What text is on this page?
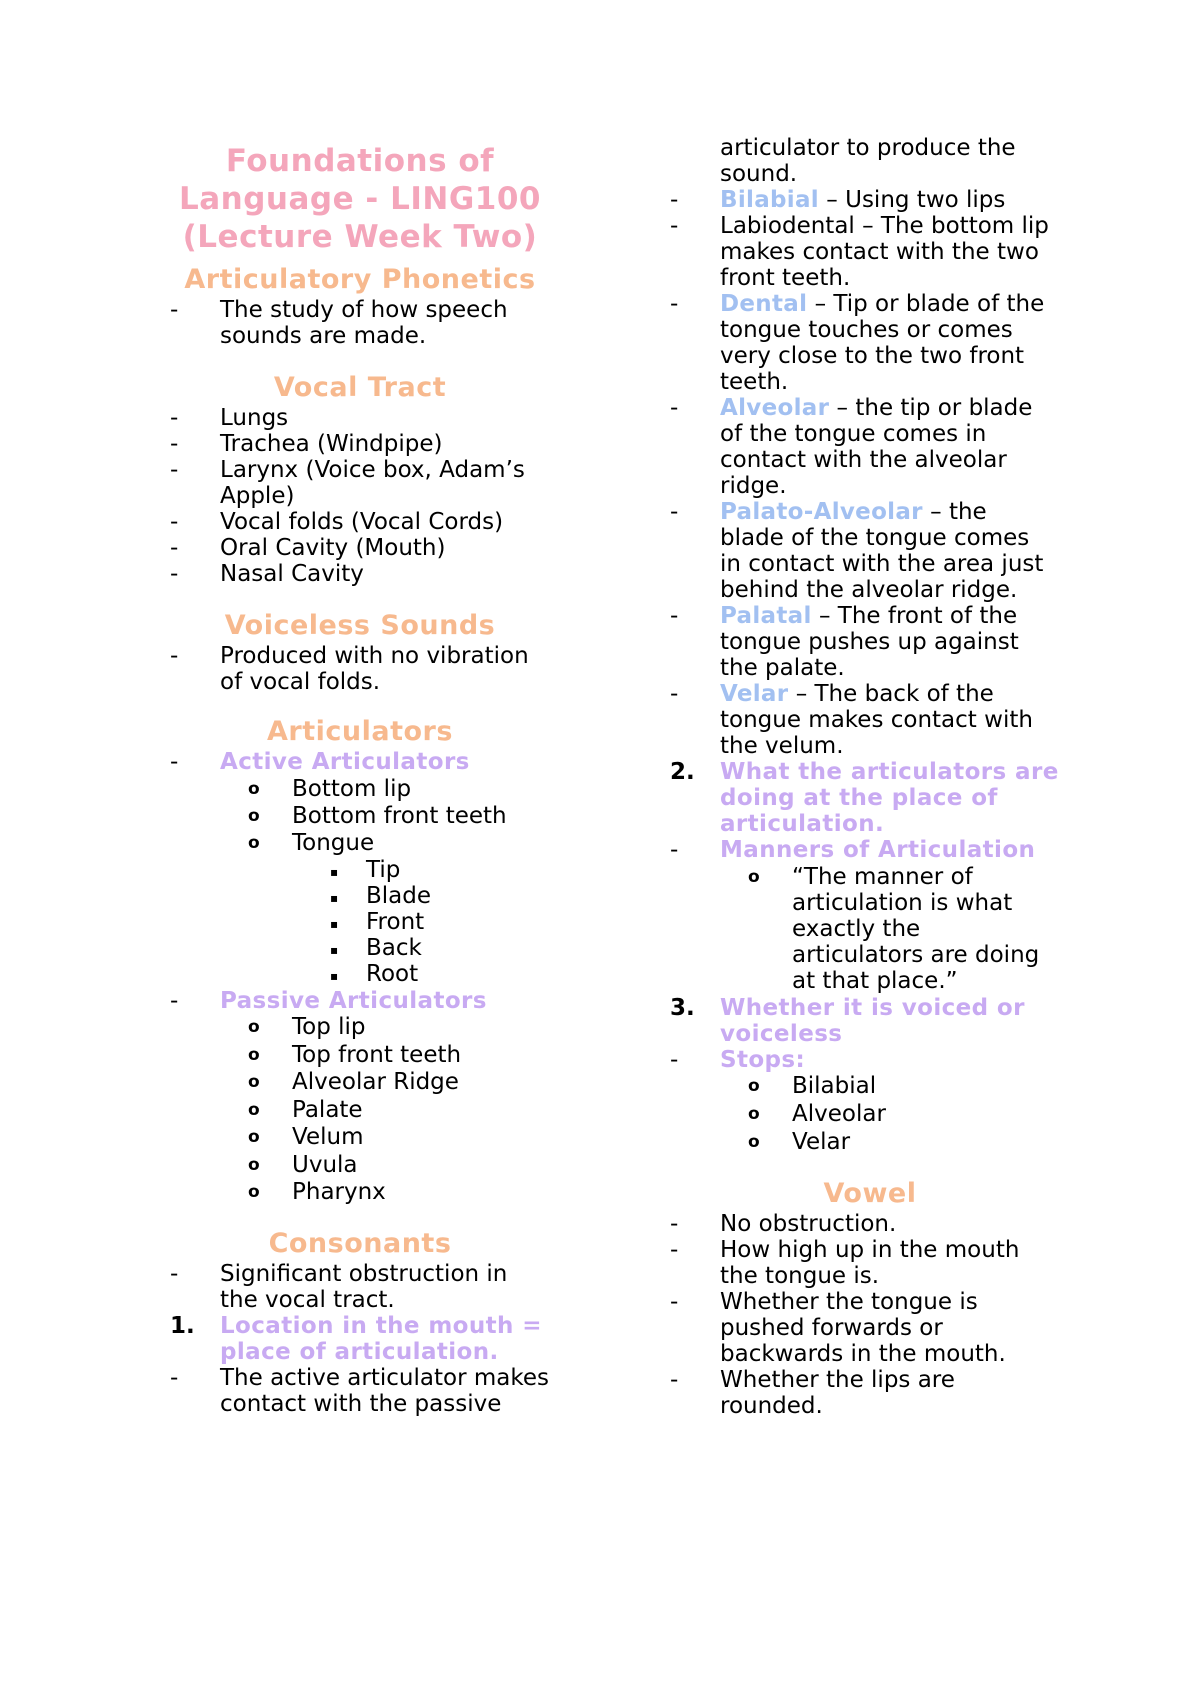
Foundations of
Language - LING100
(Lecture Week Two)
Articulatory Phonetics
- The study of how speech
sounds are made.
Vocal Tract
- Lungs
- Trachea (Windpipe)
- Larynx (Voice box, Adam’s
Apple)
- Vocal folds (Vocal Cords)
- Oral Cavity (Mouth)
- Nasal Cavity
Voiceless Sounds
- Produced with no vibration
of vocal folds.
Articulators
- Active Articulators
o Bottom lip
o Bottom front teeth
o Tongue
▪ Tip
▪ Blade
▪ Front
▪ Back
▪ Root
- Passive Articulators
o Top lip
o Top front teeth
o Alveolar Ridge
o Palate
o Velum
o Uvula
o Pharynx
Consonants
- Significant obstruction in
the vocal tract.
1. Location in the mouth =
place of articulation.
- The active articulator makes
contact with the passive
articulator to produce the
sound.
- Bilabial – Using two lips
- Labiodental – The bottom lip
makes contact with the two
front teeth.
- Dental – Tip or blade of the
tongue touches or comes
very close to the two front
teeth.
- Alveolar – the tip or blade
of the tongue comes in
contact with the alveolar
ridge.
- Palato-Alveolar – the
blade of the tongue comes
in contact with the area just
behind the alveolar ridge.
- Palatal – The front of the
tongue pushes up against
the palate.
- Velar – The back of the
tongue makes contact with
the velum.
2. What the articulators are
doing at the place of
articulation.
- Manners of Articulation
o “The manner of
articulation is what
exactly the
articulators are doing
at that place.”
3. Whether it is voiced or
voiceless
- Stops:
o Bilabial
o Alveolar
o Velar
Vowel
- No obstruction.
- How high up in the mouth
the tongue is.
- Whether the tongue is
pushed forwards or
backwards in the mouth.
- Whether the lips are
rounded.
